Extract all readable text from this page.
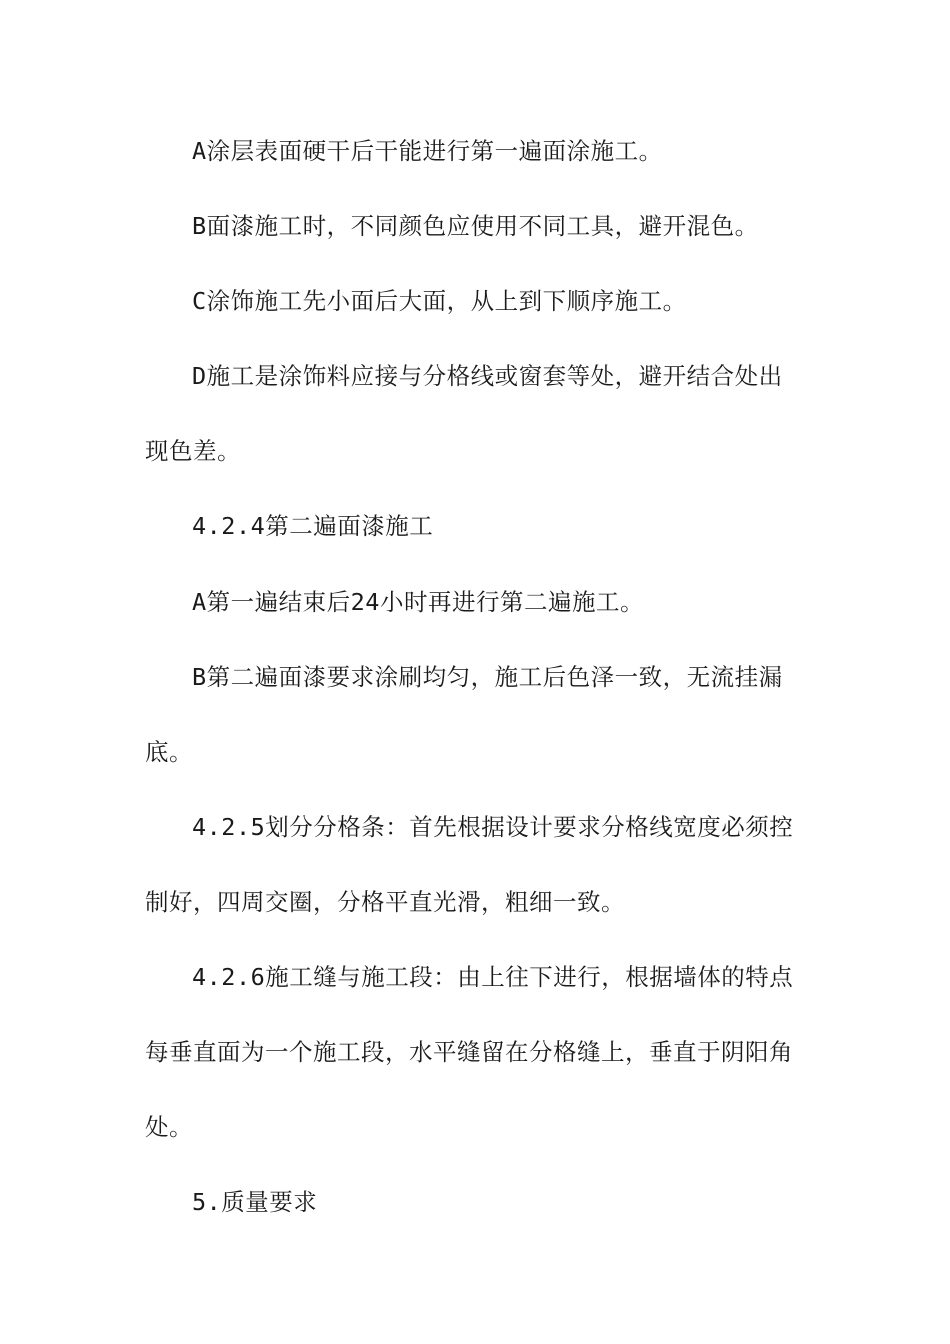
A涂层表面硬干后干能进行第一遍面涂施工。
B面漆施工时，不同颜色应使用不同工具，避开混色。
C涂饰施工先小面后大面，从上到下顺序施工。
D施工是涂饰料应接与分格线或窗套等处，避开结合处出
现色差。
4.2.4第二遍面漆施工
A第一遍结束后24小时再进行第二遍施工。
B第二遍面漆要求涂刷均匀，施工后色泽一致，无流挂漏
底。
4.2.5划分分格条：首先根据设计要求分格线宽度必须控
制好，四周交圈，分格平直光滑，粗细一致。
4.2.6施工缝与施工段：由上往下进行，根据墙体的特点
每垂直面为一个施工段，水平缝留在分格缝上，垂直于阴阳角
处。
5.质量要求
